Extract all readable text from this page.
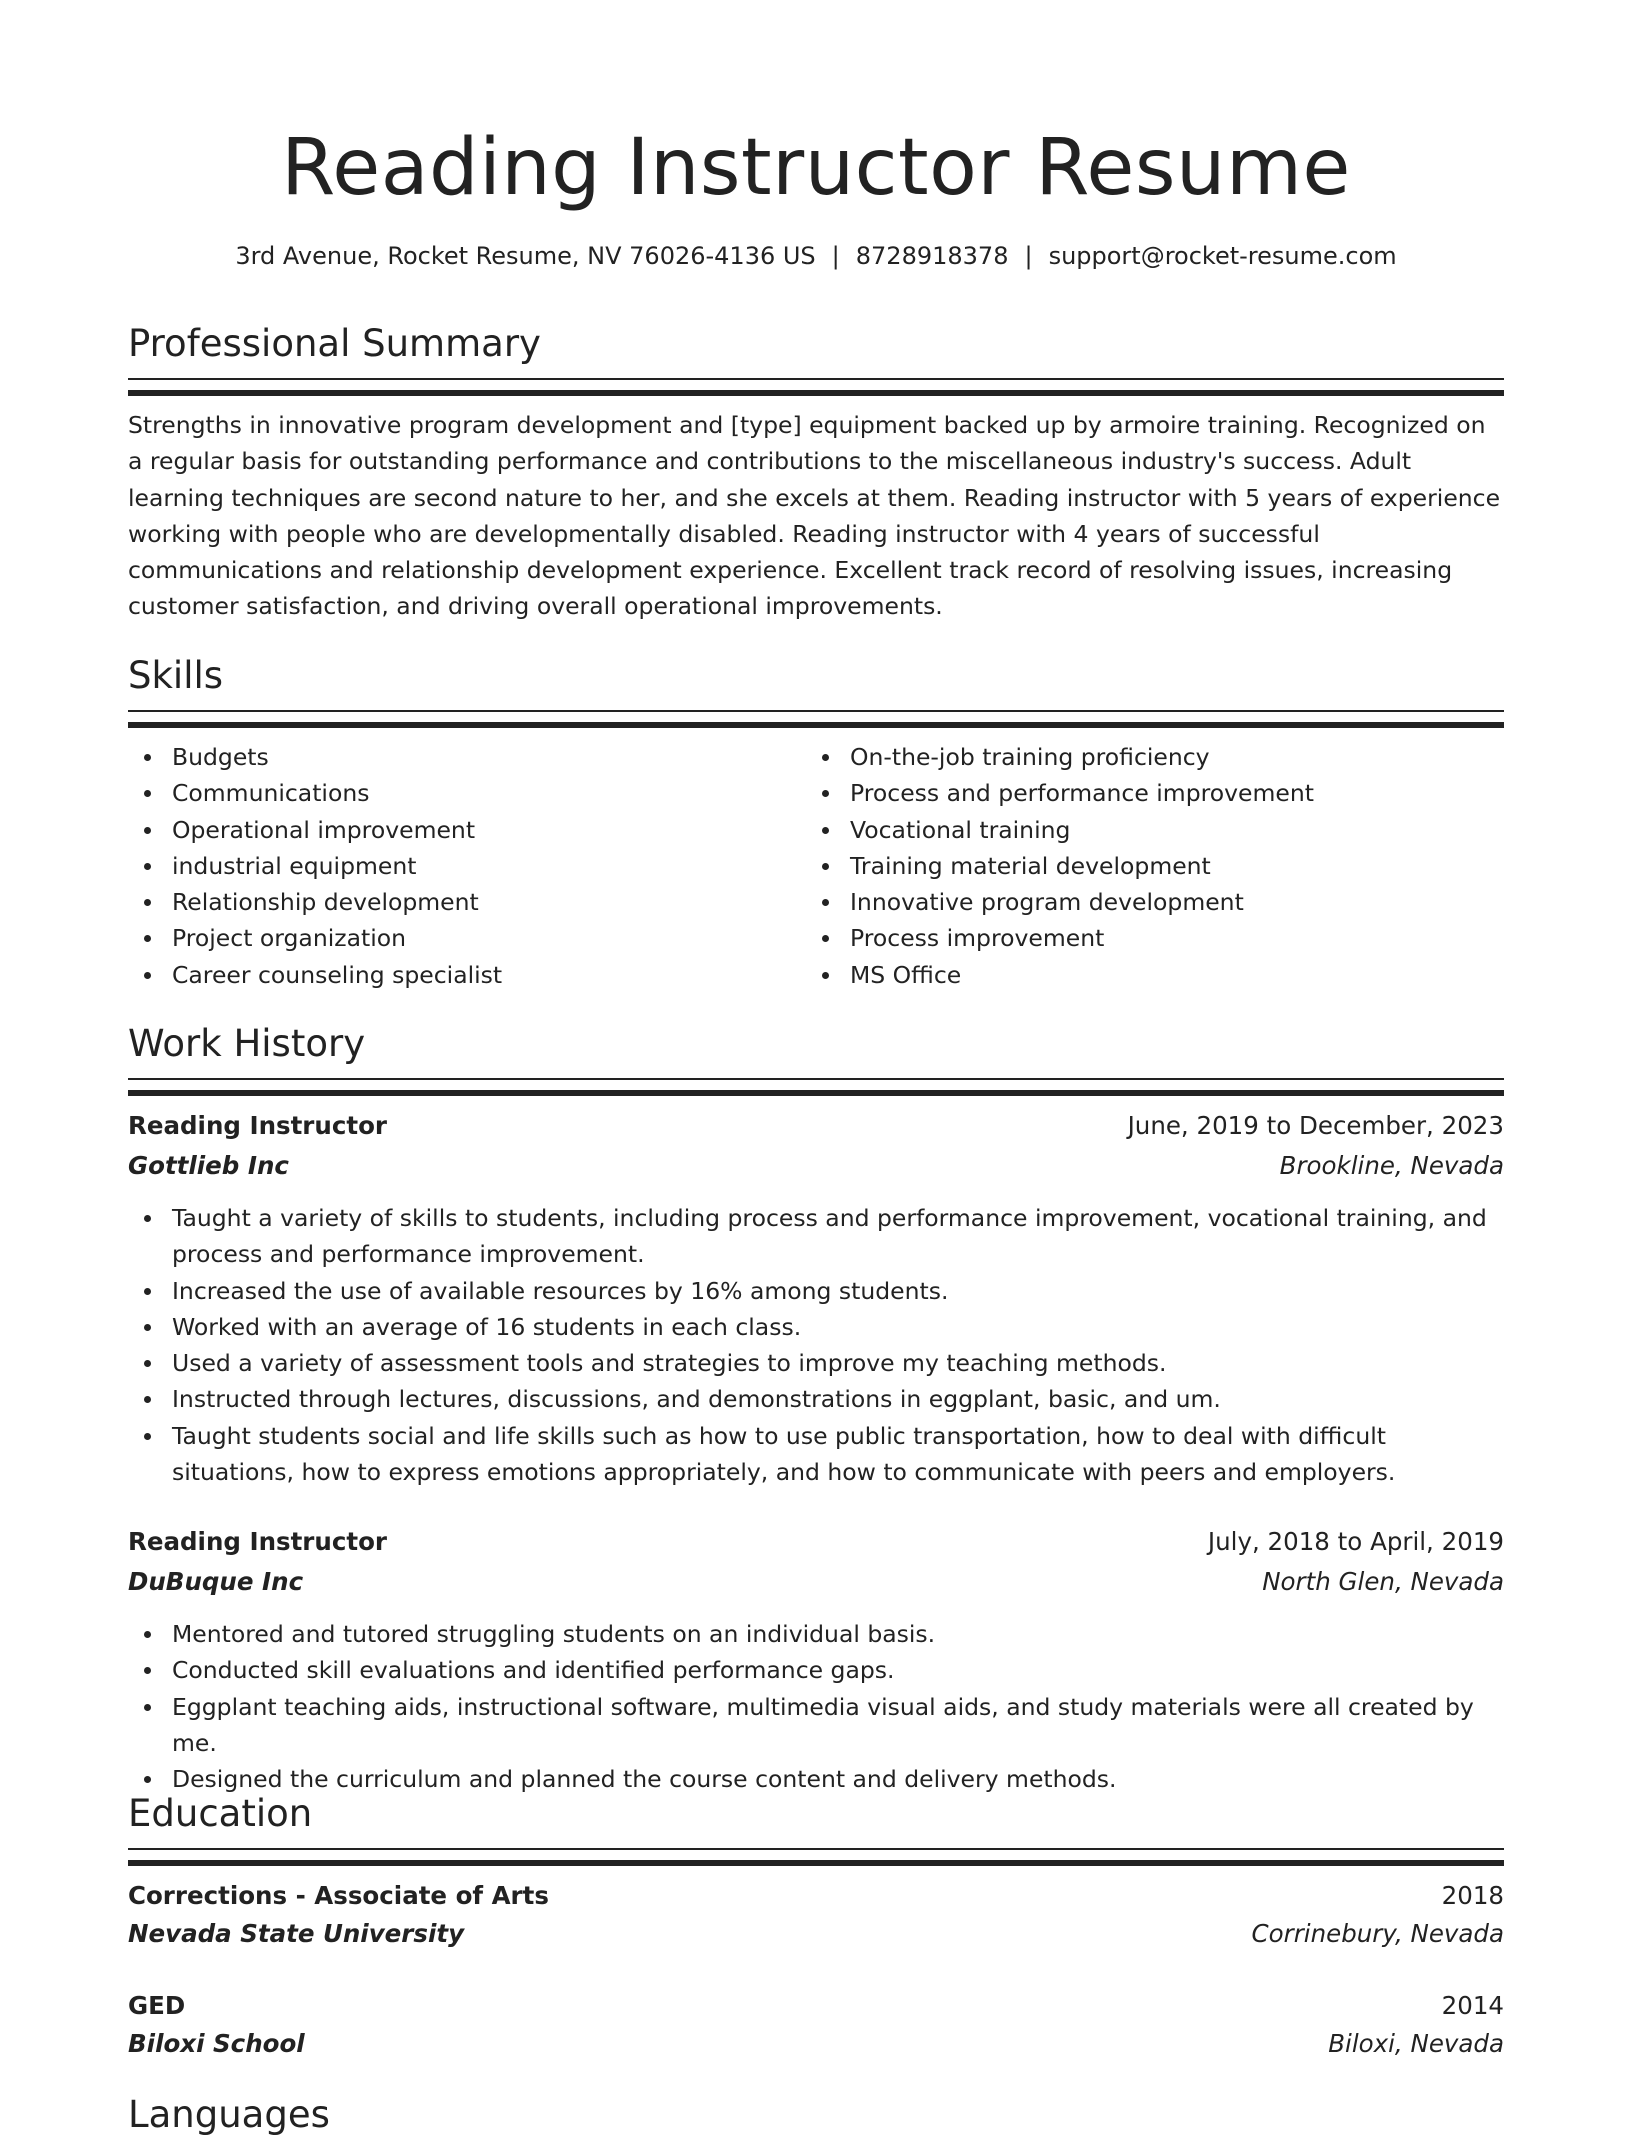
Reading Instructor Resume
3rd Avenue, Rocket Resume, NV 76026-4136 US | 8728918378 | support@rocket-resume.com
Professional Summary

Strengths in innovative program development and [type] equipment backed up by armoire training. Recognized on a regular basis for outstanding performance and contributions to the miscellaneous industry's success. Adult learning techniques are second nature to her, and she excels at them. Reading instructor with 5 years of experience working with people who are developmentally disabled. Reading instructor with 4 years of successful communications and relationship development experience. Excellent track record of resolving issues, increasing customer satisfaction, and driving overall operational improvements.

Skills
Budgets
Communications
Operational improvement
industrial equipment
Relationship development
Project organization
Career counseling specialist
On-the-job training proficiency
Process and performance improvement
Vocational training
Training material development
Innovative program development
Process improvement
MS Office
Work History
Reading Instructor	June, 2019 to December, 2023
Gottlieb Inc	Brookline, Nevada
Taught a variety of skills to students, including process and performance improvement, vocational training, and process and performance improvement.
Increased the use of available resources by 16% among students.
Worked with an average of 16 students in each class.
Used a variety of assessment tools and strategies to improve my teaching methods.
Instructed through lectures, discussions, and demonstrations in eggplant, basic, and um.
Taught students social and life skills such as how to use public transportation, how to deal with difficult situations, how to express emotions appropriately, and how to communicate with peers and employers.
Reading Instructor	July, 2018 to April, 2019
DuBuque Inc	North Glen, Nevada
Mentored and tutored struggling students on an individual basis.
Conducted skill evaluations and identified performance gaps.
Eggplant teaching aids, instructional software, multimedia visual aids, and study materials were all created by me.
Designed the curriculum and planned the course content and delivery methods.
Education
Corrections - Associate of Arts	2018
Nevada State University	Corrinebury, Nevada
GED	2014
Biloxi School	Biloxi, Nevada
Languages
